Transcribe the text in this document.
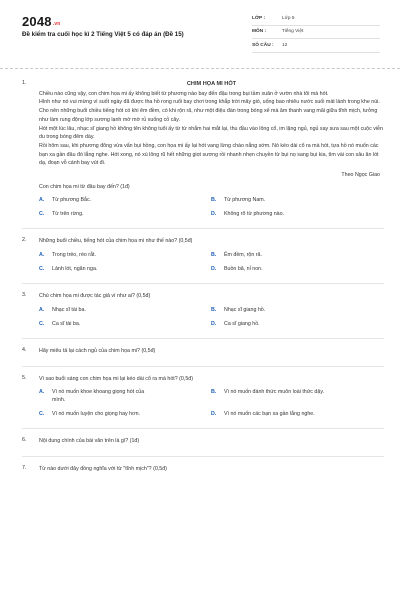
2048.vn
Đề kiểm tra cuối học kì 2 Tiếng Việt 5 có đáp án (Đề 15)
LỚP :	Lớp 5
MÔN :	Tiếng Việt
SỐ CÂU :	12
1.	CHIM HỌA MI HÓT

Chiều nào cũng vậy, con chim họa mi ấy không biết từ phương nào bay đến đậu trong bụi tầm xuân ở vườn nhà tôi mà hót.

Hình như nó vui mừng vì suốt ngày đã được tha hồ rong ruổi bay chơi trong khắp trời mây gió, uống bao nhiêu nước suối mát lành trong khe núi. Cho nên những buổi chiều tiếng hót có khi êm đềm, có khi rộn rã, như một điệu đàn trong bóng xế mà âm thanh vang mãi giữa tĩnh mịch, tưởng như làm rung động lớp sương lạnh mờ mờ rủ xuống cỏ cây.

Hót một lúc lâu, nhạc sĩ giang hồ không tên không tuổi ấy từ từ nhắm hai mắt lại, thu đầu vào lông cổ, im lặng ngủ, ngủ say sưa sau một cuộc viễn du trong bóng đêm dày.

Rồi hôm sau, khi phương đông vừa vẩn bụi hồng, con họa mi ấy lại hót vang lừng chào nắng sớm. Nó kéo dài cổ ra mà hót, tựa hồ nó muốn các bạn xa gần đâu đó lắng nghe. Hót xong, nó xù lông rũ hết những giọt sương rồi nhanh nhẹn chuyền từ bụi nọ sang bụi kia, tìm vài con sâu ăn lót dạ, đoạn vỗ cánh bay vút đi.

Theo Ngọc Giao
Con chim họa mi từ đâu bay đến? (1đ)
A.	Từ phương Bắc.	B.	Từ phương Nam.
C.	Từ trên rừng.	D.	Không rõ từ phương nào.
2. Những buổi chiều, tiếng hót của chim họa mi như thế nào? (0,5đ)
A.	Trong trẻo, réo rắt.	B.	Êm đềm, rộn rã.
C.	Lảnh lót, ngân nga.	D.	Buồn bã, nỉ non.
3. Chú chim họa mi được tác giả ví như ai? (0,5đ)
A.	Nhạc sĩ tài ba.	B.	Nhạc sĩ giang hồ.
C.	Ca sĩ tài ba.	D.	Ca sĩ giang hồ.
4. Hãy miêu tả lại cách ngủ của chim họa mi? (0,5đ)
5. Vì sao buổi sáng con chim họa mi lại kéo dài cổ ra mà hót? (0,5đ)
A.	Vì nó muốn khoe khoang giọng hót của mình.
B.	Vì nó muốn đánh thức muôn loài thức dậy.
C.	Vì nó muốn luyện cho giọng hay hơn.	D.	Vì nó muốn các bạn xa gần lắng nghe.
6. Nội dung chính của bài văn trên là gì? (1đ)
7. Từ nào dưới đây đồng nghĩa với từ "tĩnh mịch"? (0,5đ)
